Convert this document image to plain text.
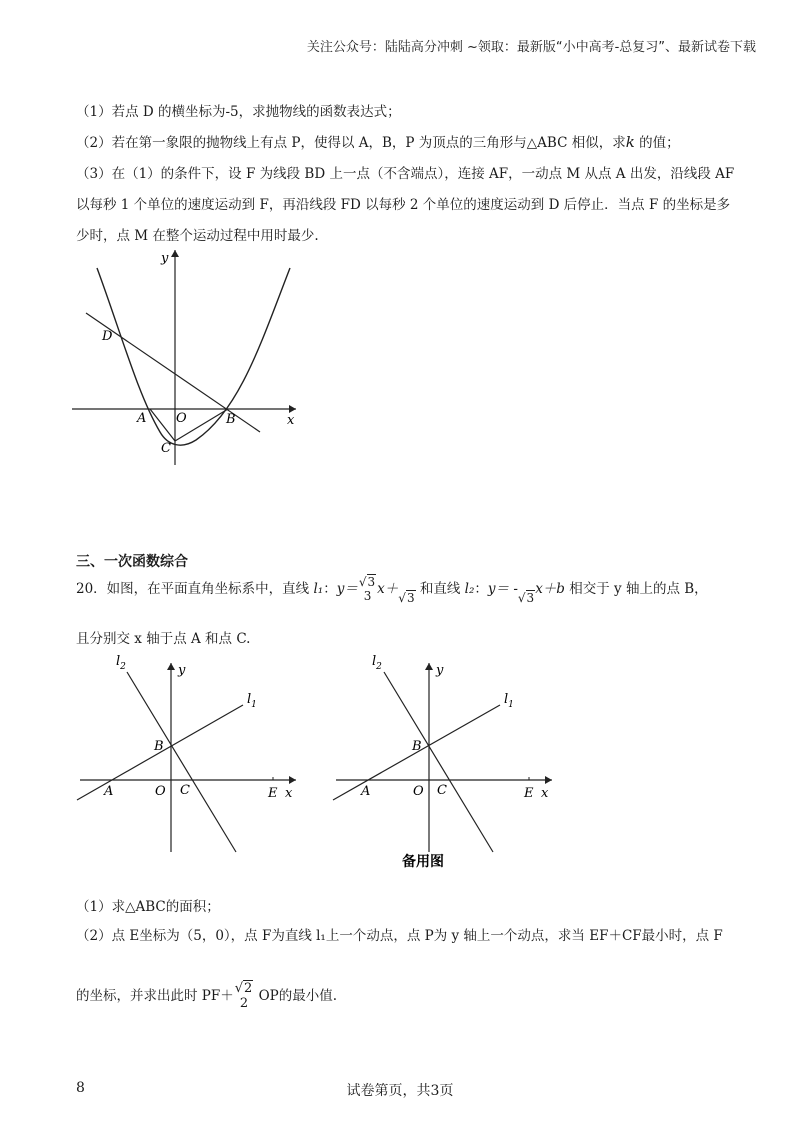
关注公众号：陆陆高分冲刺 ~领取：最新版“小中高考-总复习”、最新试卷下载
（1）若点 D 的横坐标为-5，求抛物线的函数表达式；
（2）若在第一象限的抛物线上有点 P，使得以 A，B，P 为顶点的三角形与△ABC 相似，求k 的值；
（3）在（1）的条件下，设 F 为线段 BD 上一点（不含端点），连接 AF，一动点 M 从点 A 出发，沿线段 AF
以每秒 1 个单位的速度运动到 F，再沿线段 FD 以每秒 2 个单位的速度运动到 D 后停止．当点 F 的坐标是多
少时，点 M 在整个运动过程中用时最少.
y
x
O
A	B
C
D
三、一次函数综合
20．如图，在平面直角坐标系中，直线 l₁：y＝ √3
3 x＋√3 和直线 l₂：y＝ -√3x＋b 相交于 y 轴上的点 B，
且分别交 x 轴于点 A 和点 C.
$l_2$
$l_1$
y
B
A	O C	E x
$l_2$
$l_1$
y
B
A	O C	E x
备用图
（1）求△ABC的面积；
（2）点 E坐标为（5，0），点 F为直线 l₁上一个动点，点 P为 y 轴上一个动点，求当 EF＋CF最小时，点 F
的坐标，并求出此时 PF＋ √2
2 OP的最小值.
8	试卷第页，共3页
